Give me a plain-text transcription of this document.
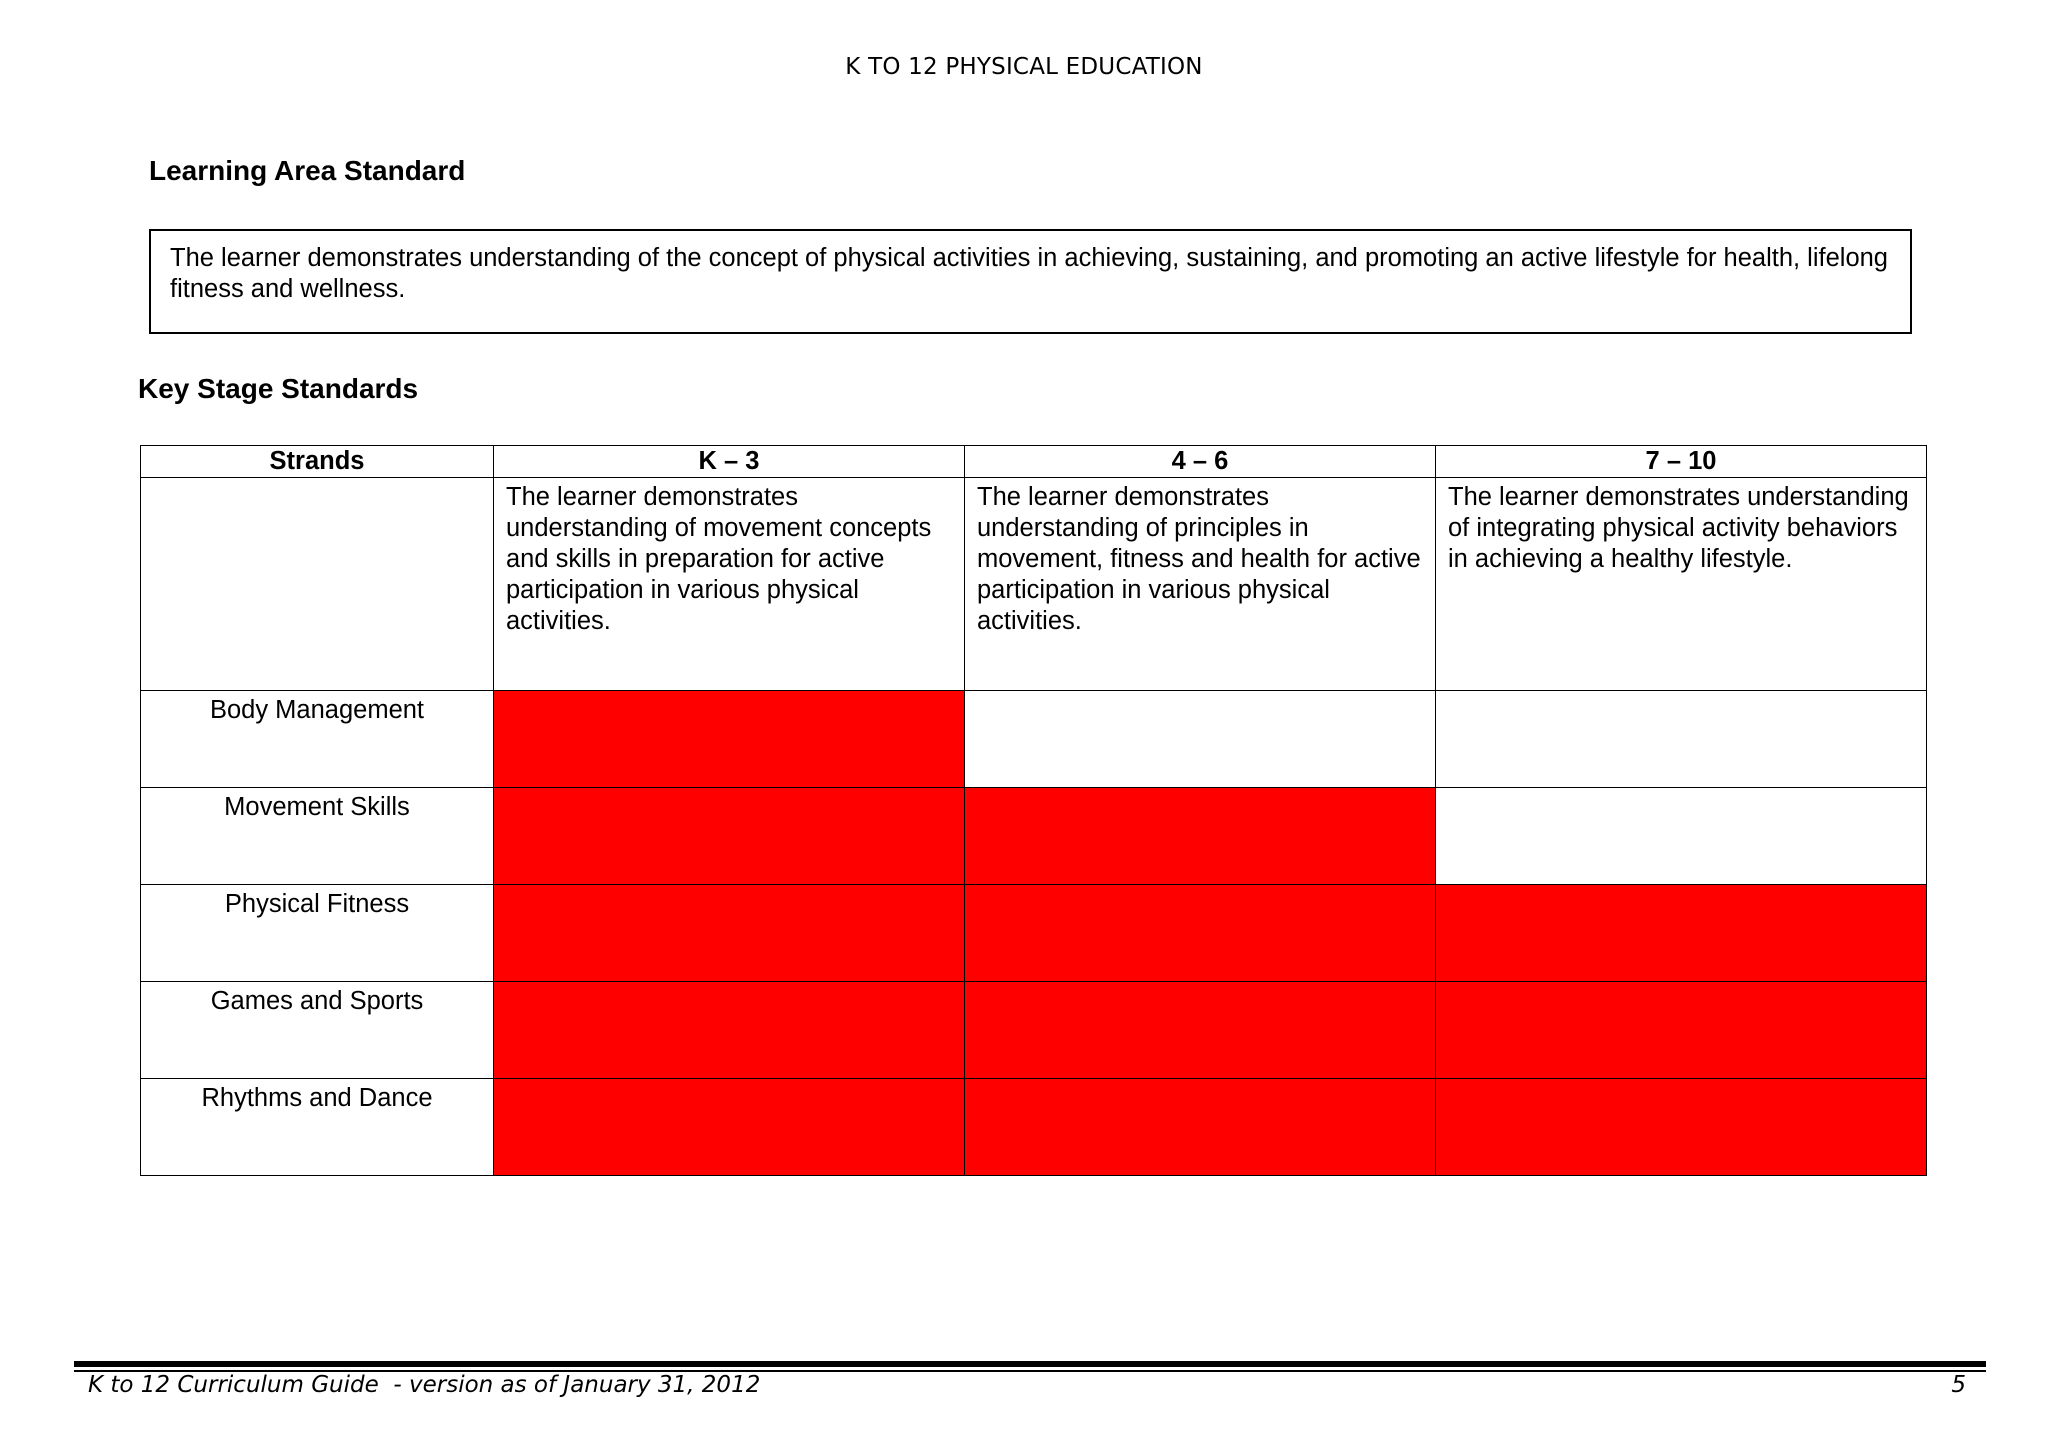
K TO 12 PHYSICAL EDUCATION
Learning Area Standard
The learner demonstrates understanding of the concept of physical activities in achieving, sustaining, and promoting an active lifestyle for health, lifelong fitness and wellness.
Key Stage Standards
Strands	K – 3	4 – 6	7 – 10
	The learner demonstrates understanding of movement concepts and skills in preparation for active participation in various physical activities.	The learner demonstrates understanding of principles in movement, fitness and health for active participation in various physical activities.	The learner demonstrates understanding of integrating physical activity behaviors in achieving a healthy lifestyle.
Body Management			
Movement Skills			
Physical Fitness			
Games and Sports			
Rhythms and Dance			
K to 12 Curriculum Guide  - version as of January 31, 2012	5
